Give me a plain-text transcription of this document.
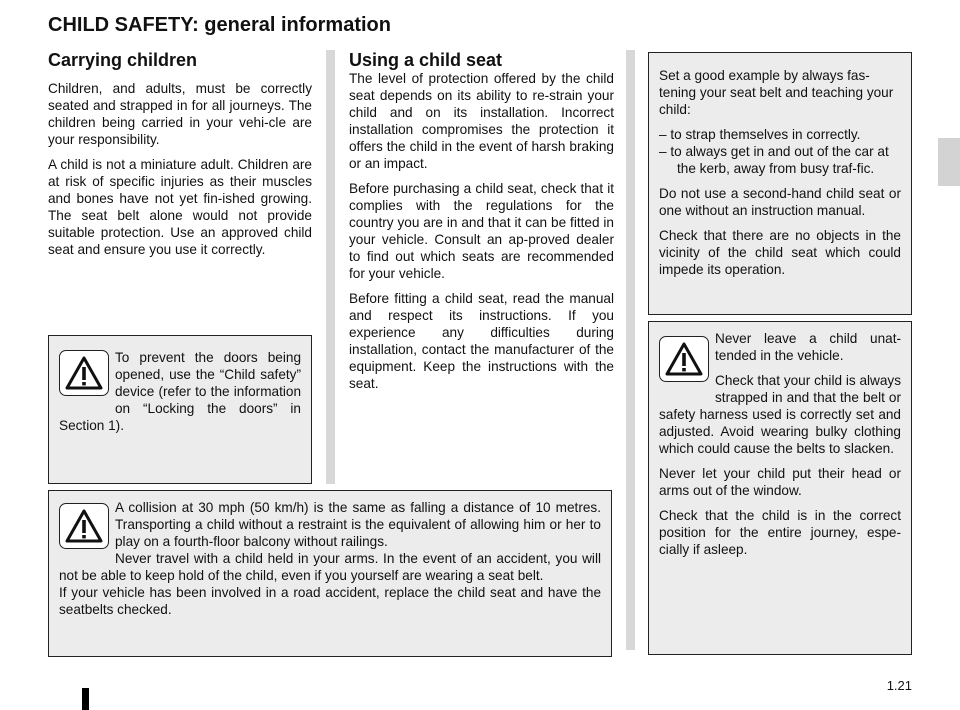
CHILD SAFETY: general information
Carrying children

Children, and adults, must be correctly seated and strapped in for all journeys. The children being carried in your vehi-cle are your responsibility.

A child is not a miniature adult. Children are at risk of specific injuries as their muscles and bones have not yet fin-ished growing. The seat belt alone would not provide suitable protection. Use an approved child seat and ensure you use it correctly.

Using a child seat

The level of protection offered by the child seat depends on its ability to re-strain your child and on its installation. Incorrect installation compromises the protection it offers the child in the event of harsh braking or an impact.

Before purchasing a child seat, check that it complies with the regulations for the country you are in and that it can be fitted in your vehicle. Consult an ap-proved dealer to find out which seats are recommended for your vehicle.

Before fitting a child seat, read the manual and respect its instructions. If you experience any difficulties during installation, contact the manufacturer of the equipment. Keep the instructions with the seat.

To prevent the doors being opened, use the “Child safety” device (refer to the information on “Locking the doors” in Section 1).

Set a good example by always fas-tening your seat belt and teaching your child:

– to strap themselves in correctly.
– to always get in and out of the car at the kerb, away from busy traf-fic.

Do not use a second-hand child seat or one without an instruction manual.

Check that there are no objects in the vicinity of the child seat which could impede its operation.

Never leave a child unat-tended in the vehicle.

Check that your child is always strapped in and that the belt or safety harness used is correctly set and adjusted. Avoid wearing bulky clothing which could cause the belts to slacken.

Never let your child put their head or arms out of the window.

Check that the child is in the correct position for the entire journey, espe-cially if asleep.

A collision at 30 mph (50 km/h) is the same as falling a distance of 10 metres. Transporting a child without a restraint is the equivalent of allowing him or her to play on a fourth-floor balcony without railings.

Never travel with a child held in your arms. In the event of an accident, you will not be able to keep hold of the child, even if you yourself are wearing a seat belt.

If your vehicle has been involved in a road accident, replace the child seat and have the seatbelts checked.

1.21
